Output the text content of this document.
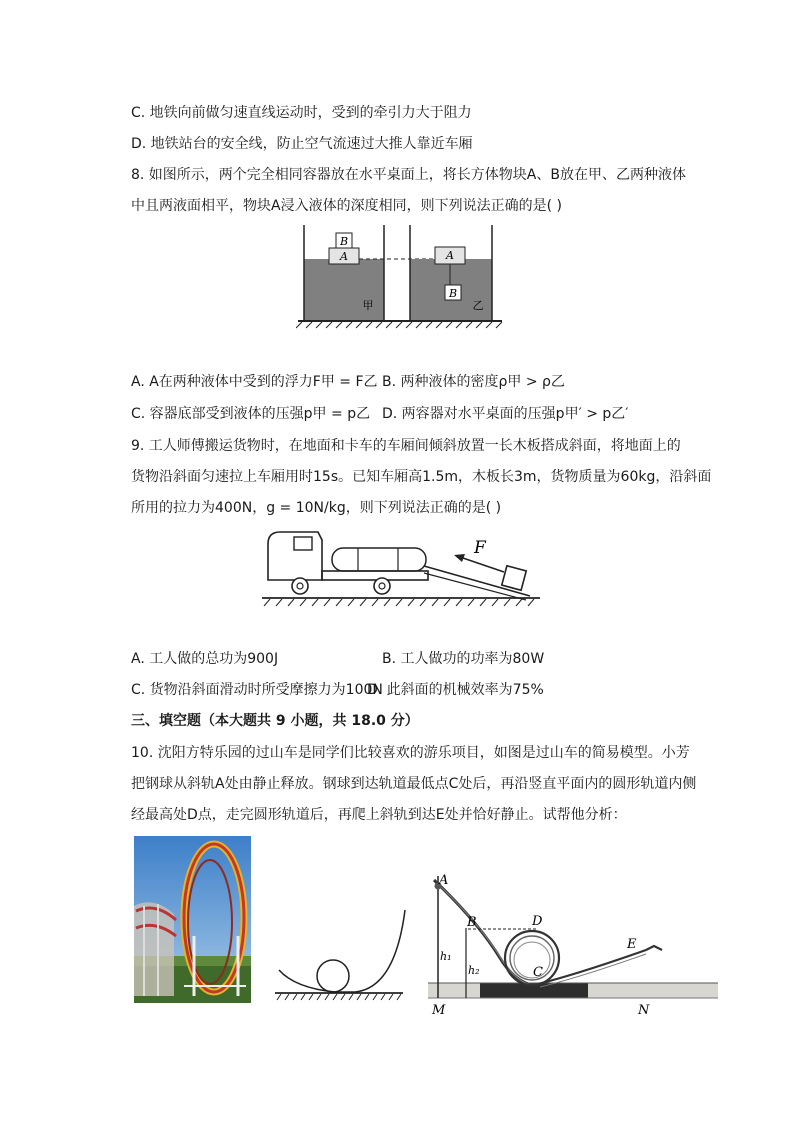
C. 地铁向前做匀速直线运动时，受到的牵引力大于阻力
D. 地铁站台的安全线，防止空气流速过大推人靠近车厢
8. 如图所示，两个完全相同容器放在水平桌面上，将长方体物块A、B放在甲、乙两种液体
中且两液面相平，物块A浸入液体的深度相同，则下列说法正确的是( )
A
B
甲
A
B
乙
A. A在两种液体中受到的浮力F甲 = F乙 B. 两种液体的密度ρ甲 > ρ乙
C. 容器底部受到液体的压强p甲 = p乙 D. 两容器对水平桌面的压强p甲′ > p乙′
9. 工人师傅搬运货物时，在地面和卡车的车厢间倾斜放置一长木板搭成斜面，将地面上的
货物沿斜面匀速拉上车厢用时15s。已知车厢高1.5m，木板长3m，货物质量为60kg，沿斜面
所用的拉力为400N，g = 10N/kg，则下列说法正确的是( )
F
A. 工人做的总功为900J	B. 工人做功的功率为80W
C. 货物沿斜面滑动时所受摩擦力为100N
D. 此斜面的机械效率为75%
三、填空题（本大题共 9 小题，共 18.0 分）
10. 沈阳方特乐园的过山车是同学们比较喜欢的游乐项目，如图是过山车的简易模型。小芳
把钢球从斜轨A处由静止释放。钢球到达轨道最低点C处后，再沿竖直平面内的圆形轨道内侧
经最高处D点，走完圆形轨道后，再爬上斜轨到达E处并恰好静止。试帮他分析：
A
B	D
C
E
h₁
h₂
M	N
